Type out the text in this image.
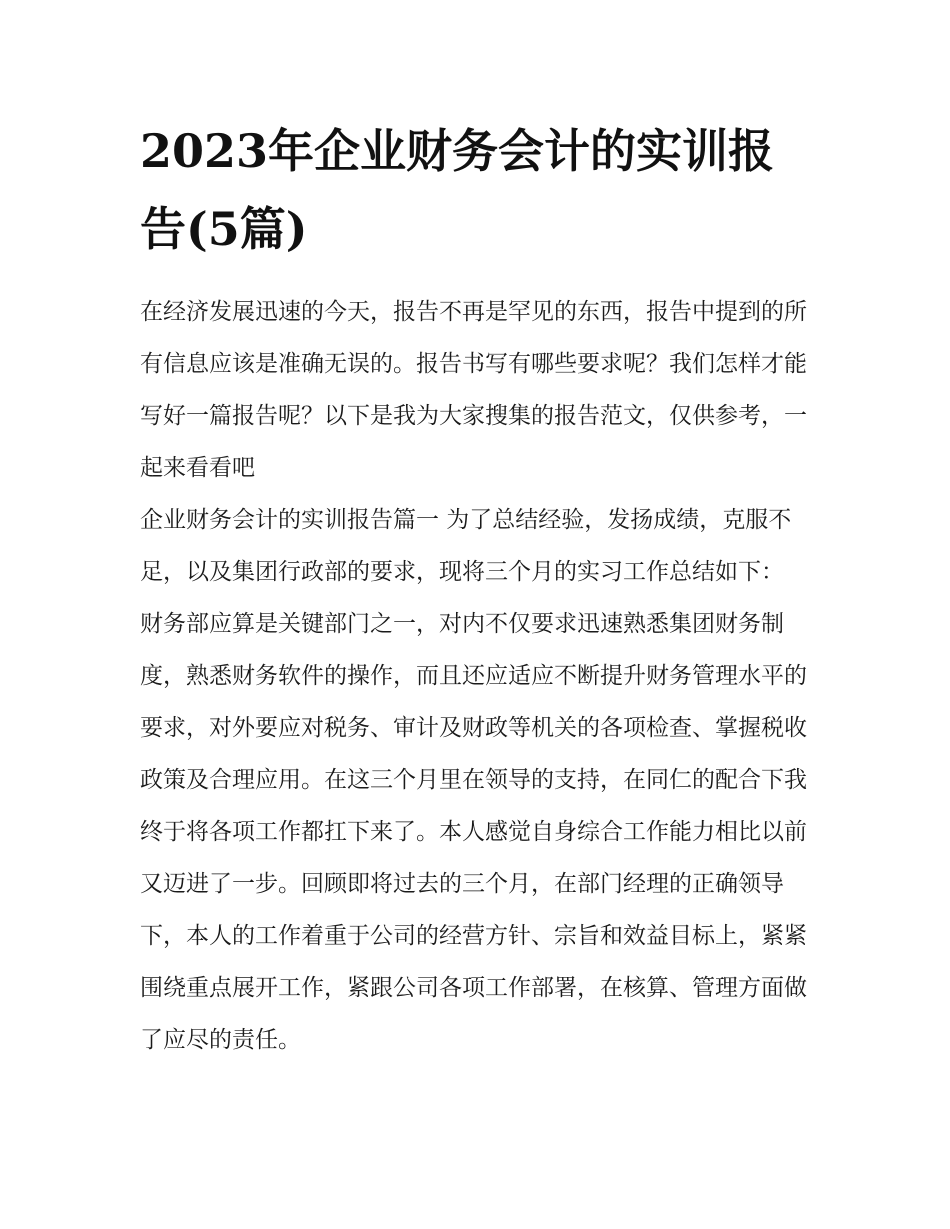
2023年企业财务会计的实训报告(5篇)

在经济发展迅速的今天，报告不再是罕见的东西，报告中提到的所有信息应该是准确无误的。报告书写有哪些要求呢？我们怎样才能写好一篇报告呢？以下是我为大家搜集的报告范文，仅供参考，一起来看看吧

企业财务会计的实训报告篇一 为了总结经验，发扬成绩，克服不足，以及集团行政部的要求，现将三个月的实习工作总结如下：

财务部应算是关键部门之一，对内不仅要求迅速熟悉集团财务制度，熟悉财务软件的操作，而且还应适应不断提升财务管理水平的要求，对外要应对税务、审计及财政等机关的各项检查、掌握税收政策及合理应用。在这三个月里在领导的支持，在同仁的配合下我终于将各项工作都扛下来了。本人感觉自身综合工作能力相比以前又迈进了一步。回顾即将过去的三个月，在部门经理的正确领导下，本人的工作着重于公司的经营方针、宗旨和效益目标上，紧紧围绕重点展开工作，紧跟公司各项工作部署，在核算、管理方面做了应尽的责任。
